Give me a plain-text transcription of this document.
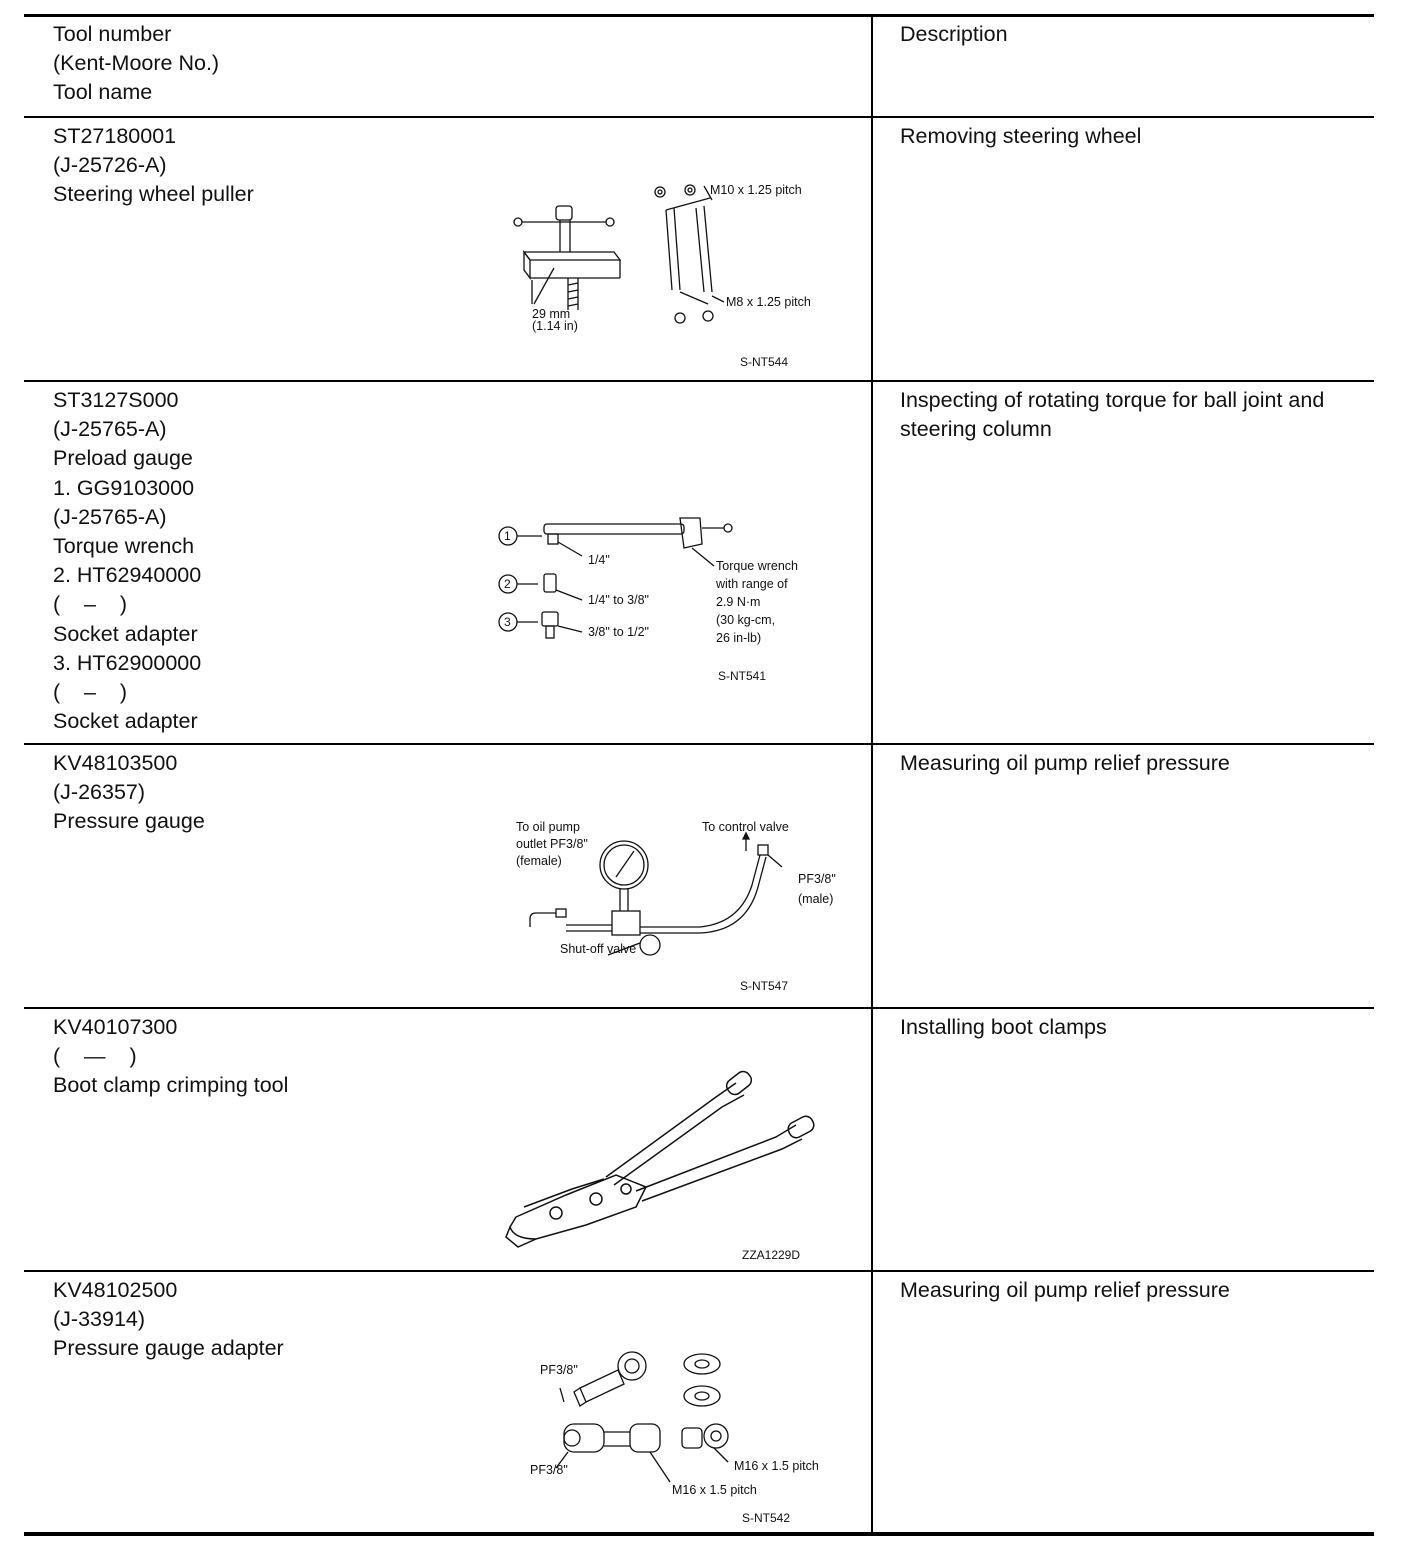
Tool number
(Kent-Moore No.)
Tool name
Description
ST27180001
(J-25726-A)
Steering wheel puller
Removing steering wheel
M10 x 1.25 pitch
M8 x 1.25 pitch
29 mm
(1.14 in)
S-NT544
ST3127S000
(J-25765-A)
Preload gauge
1. GG9103000
(J-25765-A)
Torque wrench
2. HT62940000
(    –    )
Socket adapter
3. HT62900000
(    –    )
Socket adapter
Inspecting of rotating torque for ball joint and steering column
1
2
3
1/4"
1/4" to 3/8"
3/8" to 1/2"
Torque wrench
with range of
2.9 N·m
(30 kg-cm,
26 in-lb)
S-NT541
KV48103500
(J-26357)
Pressure gauge
Measuring oil pump relief pressure
To oil pump
outlet PF3/8"
(female)
To control valve
PF3/8"
(male)
Shut-off valve
S-NT547
KV40107300
(    —    )
Boot clamp crimping tool
Installing boot clamps
ZZA1229D
KV48102500
(J-33914)
Pressure gauge adapter
Measuring oil pump relief pressure
PF3/8"
PF3/8"	M16 x 1.5 pitch
M16 x 1.5 pitch
S-NT542
